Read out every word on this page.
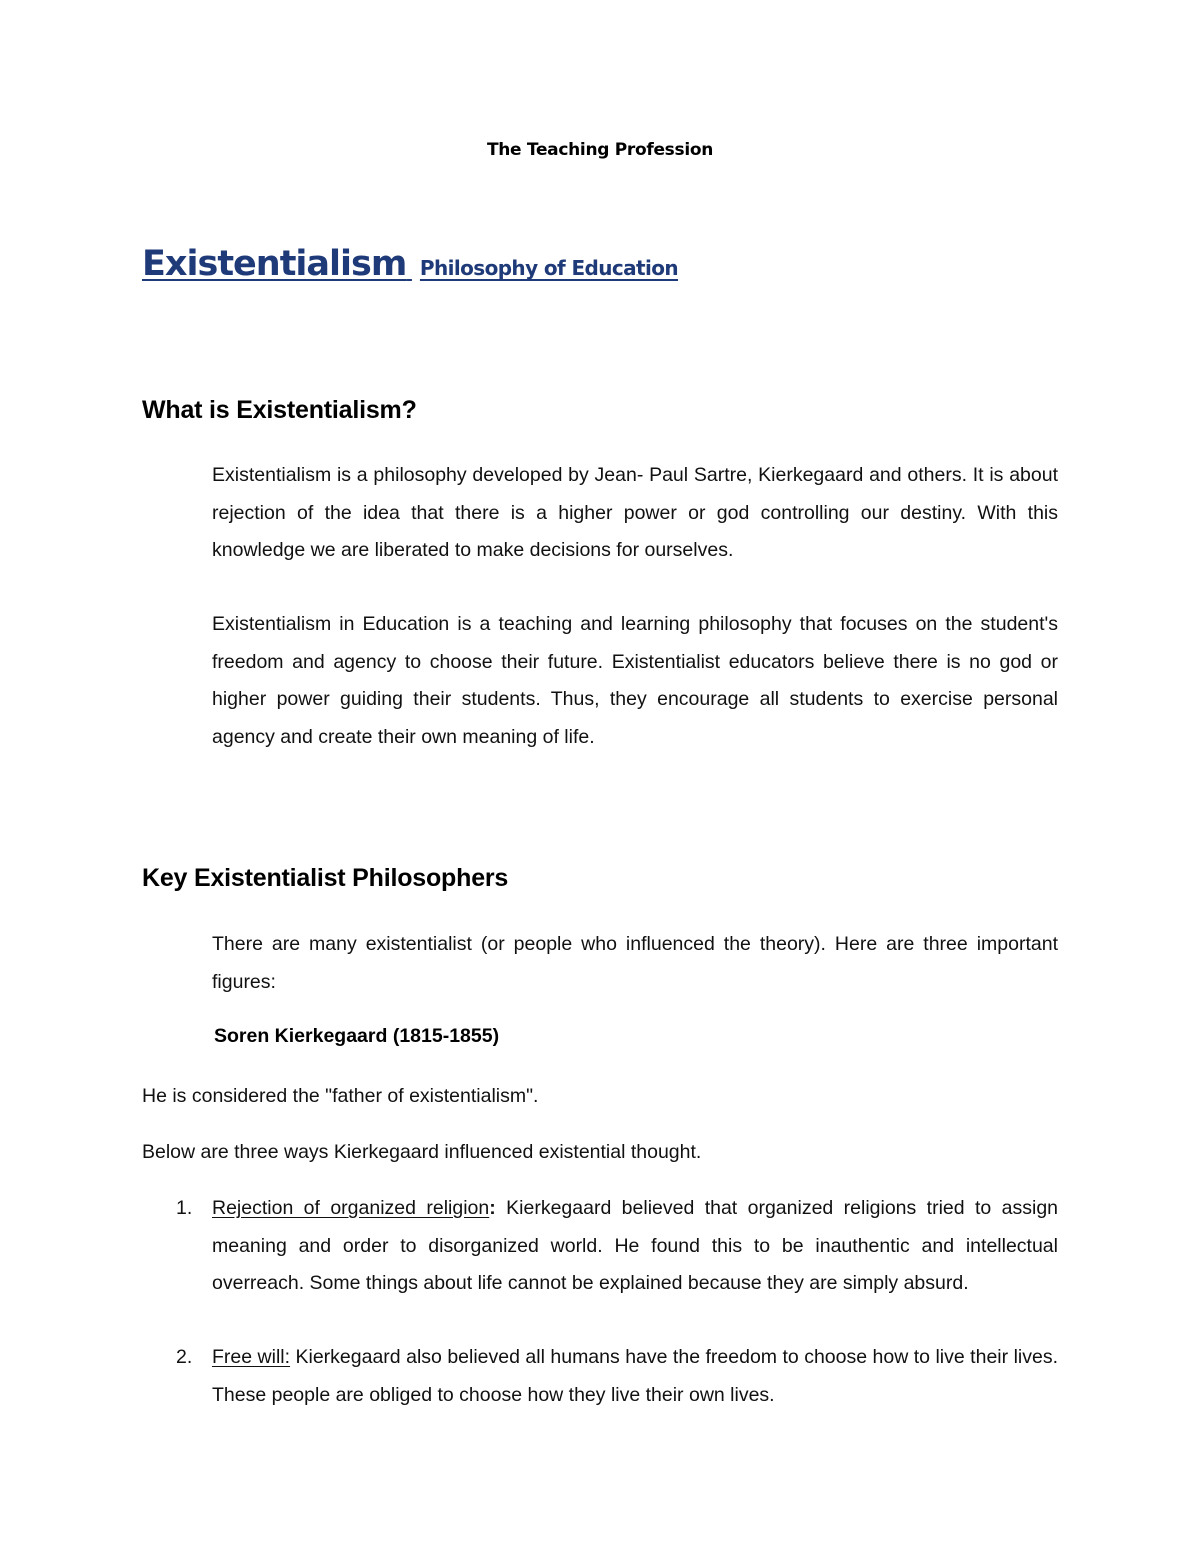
The Teaching Profession
Existentialism Philosophy of Education
What is Existentialism?

Existentialism is a philosophy developed by Jean- Paul Sartre, Kierkegaard and others. It is about rejection of the idea that there is a higher power or god controlling our destiny. With this knowledge we are liberated to make decisions for ourselves.

Existentialism in Education is a teaching and learning philosophy that focuses on the student's freedom and agency to choose their future. Existentialist educators believe there is no god or higher power guiding their students. Thus, they encourage all students to exercise personal agency and create their own meaning of life.

Key Existentialist Philosophers

There are many existentialist (or people who influenced the theory). Here are three important figures:

Soren Kierkegaard (1815-1855)
He is considered the "father of existentialism".
Below are three ways Kierkegaard influenced existential thought.
1. Rejection of organized religion: Kierkegaard believed that organized religions tried to assign meaning and order to disorganized world. He found this to be inauthentic and intellectual overreach. Some things about life cannot be explained because they are simply absurd.
2. Free will: Kierkegaard also believed all humans have the freedom to choose how to live their lives. These people are obliged to choose how they live their own lives.
